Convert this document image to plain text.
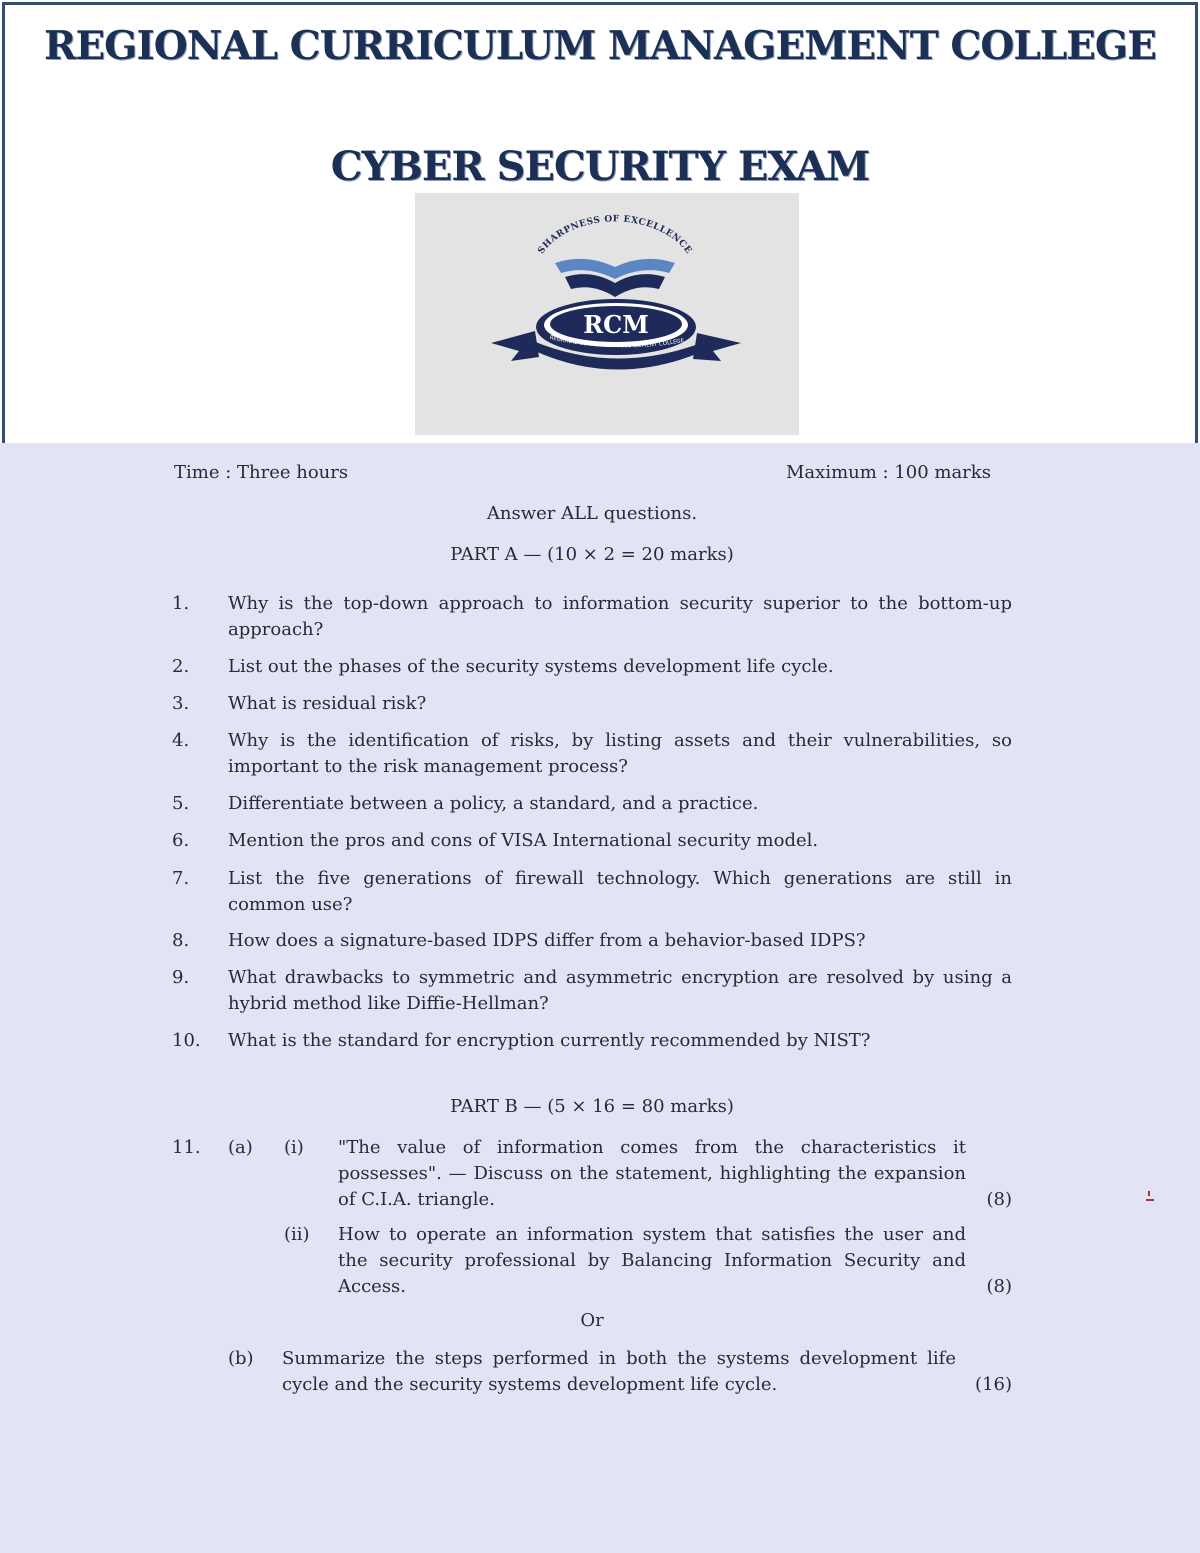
REGIONAL CURRICULUM MANAGEMENT COLLEGE
CYBER SECURITY EXAM
SHARPNESS OF EXCELLENCE
RCM
REGIONAL CURRICULUM MANAGEMENT COLLEGE
Time : Three hours	Maximum : 100 marks
Answer ALL questions.
PART A — (10 × 2 = 20 marks)
1.	Why is the top-down approach to information security superior to the bottom-up approach?
2.	List out the phases of the security systems development life cycle.
3.	What is residual risk?
4.	Why is the identification of risks, by listing assets and their vulnerabilities, so important to the risk management process?
5.	Differentiate between a policy, a standard, and a practice.
6.	Mention the pros and cons of VISA International security model.
7.	List the five generations of firewall technology. Which generations are still in common use?
8.	How does a signature-based IDPS differ from a behavior-based IDPS?
9.	What drawbacks to symmetric and asymmetric encryption are resolved by using a hybrid method like Diffie-Hellman?
10.	What is the standard for encryption currently recommended by NIST?
PART B — (5 × 16 = 80 marks)
11. (a) (i) "The value of information comes from the characteristics it possesses". — Discuss on the statement, highlighting the expansion of C.I.A. triangle.	(8)
(ii) How to operate an information system that satisfies the user and the security professional by Balancing Information Security and Access.	(8)
Or
(b) Summarize the steps performed in both the systems development life cycle and the security systems development life cycle.	(16)
